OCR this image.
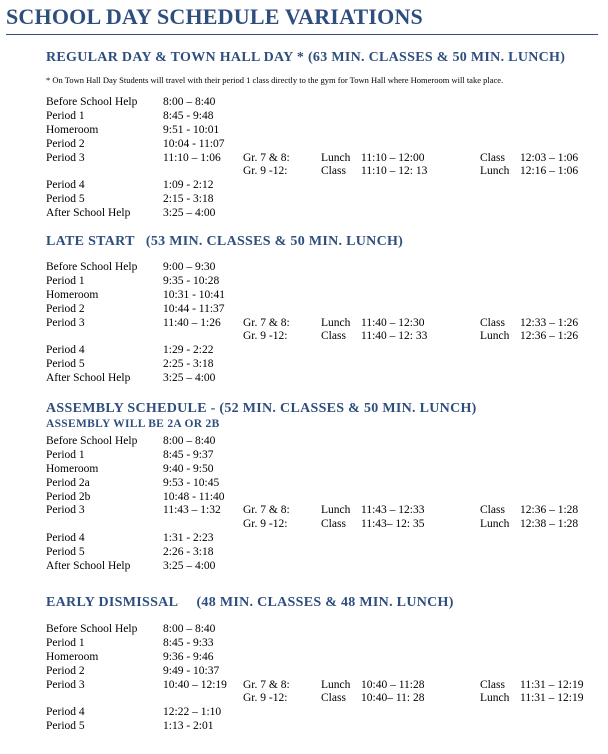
SCHOOL DAY SCHEDULE VARIATIONS
REGULAR DAY & TOWN HALL DAY * (63 MIN. CLASSES & 50 MIN. LUNCH)
* On Town Hall Day Students will travel with their period 1 class directly to the gym for Town Hall where Homeroom will take place.
Before School Help 8:00 – 8:40
Period 1	8:45 - 9:48
Homeroom	9:51 - 10:01
Period 2	10:04 - 11:07
Period 3	11:10 – 1:06 Gr. 7 & 8:	Lunch 11:10 – 12:00	Class 12:03 – 1:06
Gr. 9 -12:	Class 11:10 – 12: 13	Lunch 12:16 – 1:06
Period 4	1:09 - 2:12
Period 5	2:15 - 3:18
After School Help	3:25 – 4:00
LATE START   (53 MIN. CLASSES & 50 MIN. LUNCH)
Before School Help 9:00 – 9:30
Period 1	9:35 - 10:28
Homeroom	10:31 - 10:41
Period 2	10:44 - 11:37
Period 3	11:40 – 1:26 Gr. 7 & 8:	Lunch 11:40 – 12:30	Class 12:33 – 1:26
Gr. 9 -12:	Class 11:40 – 12: 33	Lunch 12:36 – 1:26
Period 4	1:29 - 2:22
Period 5	2:25 - 3:18
After School Help	3:25 – 4:00
ASSEMBLY SCHEDULE - (52 MIN. CLASSES & 50 MIN. LUNCH)
ASSEMBLY WILL BE 2A OR 2B
Before School Help 8:00 – 8:40
Period 1	8:45 - 9:37
Homeroom	9:40 - 9:50
Period 2a	9:53 - 10:45
Period 2b	10:48 - 11:40
Period 3	11:43 – 1:32 Gr. 7 & 8:	Lunch 11:43 – 12:33	Class 12:36 – 1:28
Gr. 9 -12:	Class 11:43– 12: 35	Lunch 12:38 – 1:28
Period 4	1:31 - 2:23
Period 5	2:26 - 3:18
After School Help	3:25 – 4:00
EARLY DISMISSAL     (48 MIN. CLASSES & 48 MIN. LUNCH)
Before School Help 8:00 – 8:40
Period 1	8:45 - 9:33
Homeroom	9:36 - 9:46
Period 2	9:49 - 10:37
Period 3	10:40 – 12:19 Gr. 7 & 8:	Lunch 10:40 – 11:28	Class 11:31 – 12:19
Gr. 9 -12:	Class 10:40– 11: 28	Lunch 11:31 – 12:19
Period 4	12:22 – 1:10
Period 5	1:13 - 2:01
